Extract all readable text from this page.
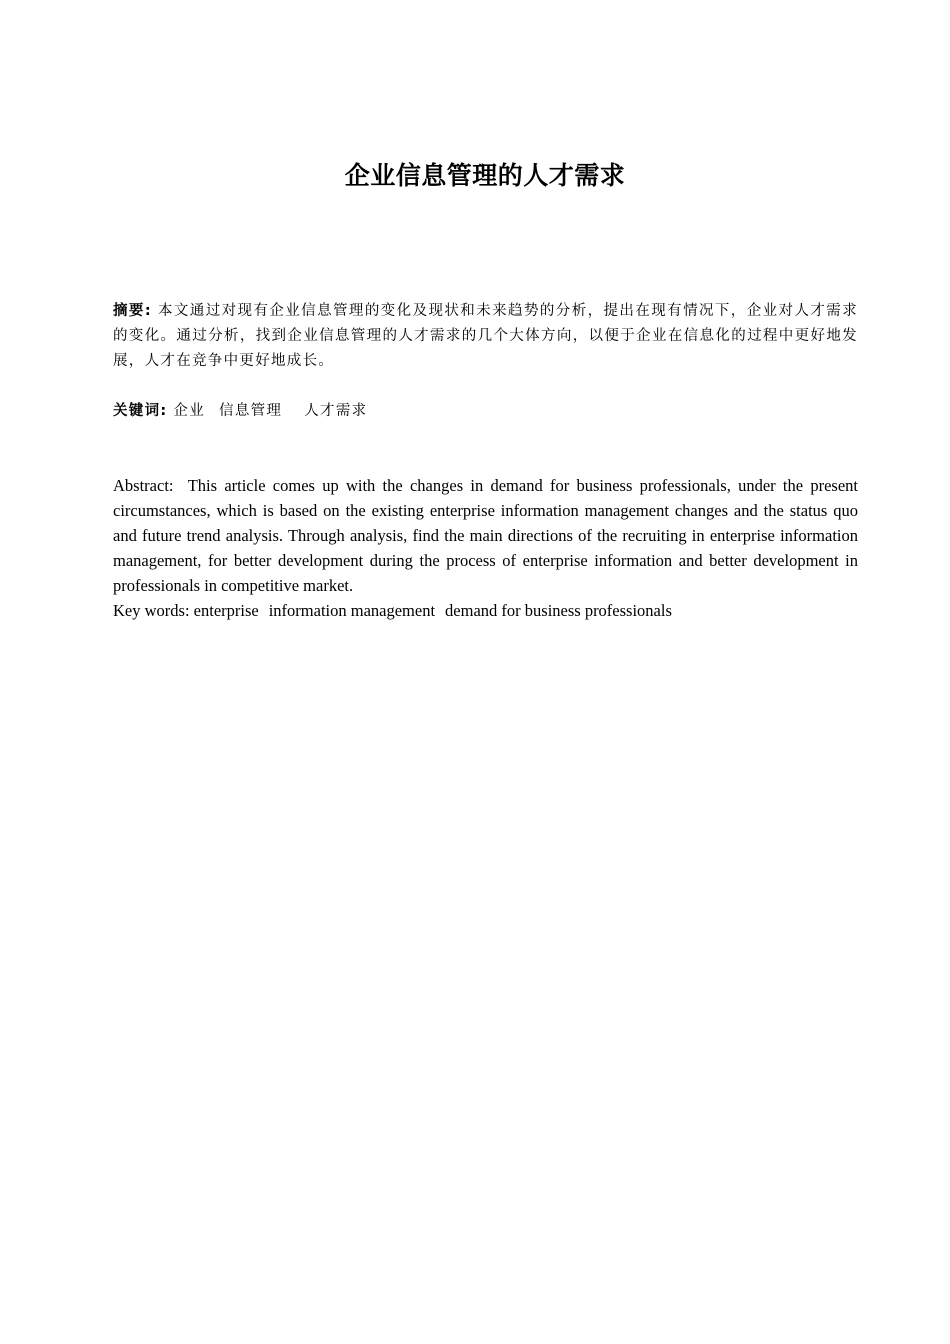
企业信息管理的人才需求
摘要: 本文通过对现有企业信息管理的变化及现状和未来趋势的分析，提出在现有情况下，企业对人才需求的变化。通过分析，找到企业信息管理的人才需求的几个大体方向，以便于企业在信息化的过程中更好地发展，人才在竞争中更好地成长。
关键词: 企业 信息管理 人才需求

Abstract: This article comes up with the changes in demand for business professionals, under the present circumstances, which is based on the existing enterprise information management changes and the status quo and future trend analysis. Through analysis, find the main directions of the recruiting in enterprise information management, for better development during the process of enterprise information and better development in professionals in competitive market.

Key words: enterprise information management demand for business professionals
